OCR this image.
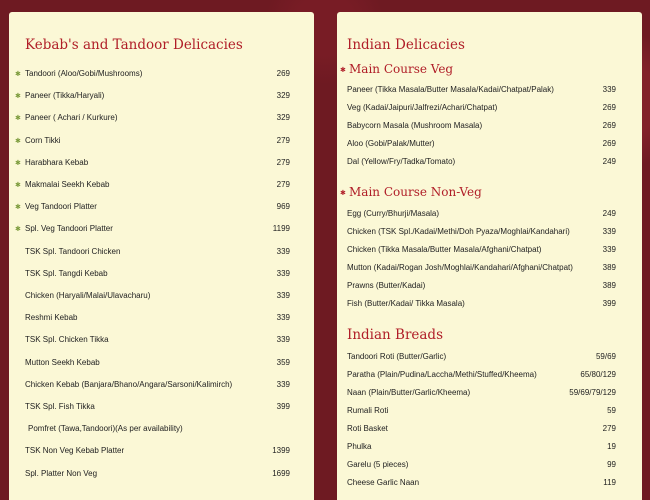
Kebab's and Tandoor Delicacies
✱ Tandoori (Aloo/Gobi/Mushrooms)	269
✱ Paneer (Tikka/Haryali)	329
✱ Paneer ( Achari / Kurkure)	329
✱ Corn Tikki	279
✱ Harabhara Kebab	279
✱ Makmalai Seekh Kebab	279
✱ Veg Tandoori Platter	969
✱ Spl. Veg Tandoori Platter	1199
TSK Spl. Tandoori Chicken	339
TSK Spl. Tangdi Kebab	339
Chicken (Haryali/Malai/Ulavacharu)	339
Reshmi Kebab	339
TSK Spl. Chicken Tikka	339
Mutton Seekh Kebab	359
Chicken Kebab (Banjara/Bhano/Angara/Sarsoni/Kalimirch)	339
TSK Spl. Fish Tikka	399
Pomfret (Tawa,Tandoori)(As per availability)
TSK Non Veg Kebab Platter	1399
Spl. Platter Non Veg	1699
Indian Delicacies
✱ Main Course Veg
Paneer (Tikka Masala/Butter Masala/Kadai/Chatpat/Palak)	339
Veg (Kadai/Jaipuri/Jalfrezi/Achari/Chatpat)	269
Babycorn Masala (Mushroom Masala)	269
Aloo (Gobi/Palak/Mutter)	269
Dal (Yellow/Fry/Tadka/Tomato)	249
✱ Main Course Non-Veg
Egg (Curry/Bhurji/Masala)	249
Chicken (TSK Spl./Kadai/Methi/Doh Pyaza/Moghlai/Kandahari)	339
Chicken (Tikka Masala/Butter Masala/Afghani/Chatpat)	339
Mutton (Kadai/Rogan Josh/Moghlai/Kandahari/Afghani/Chatpat)	389
Prawns (Butter/Kadai)	389
Fish (Butter/Kadai/ Tikka Masala)	399
Indian Breads
Tandoori Roti (Butter/Garlic)	59/69
Paratha (Plain/Pudina/Laccha/Methi/Stuffed/Kheema)	65/80/129
Naan (Plain/Butter/Garlic/Kheema)	59/69/79/129
Rumali Roti	59
Roti Basket	279
Phulka	19
Garelu (5 pieces)	99
Cheese Garlic Naan	119
